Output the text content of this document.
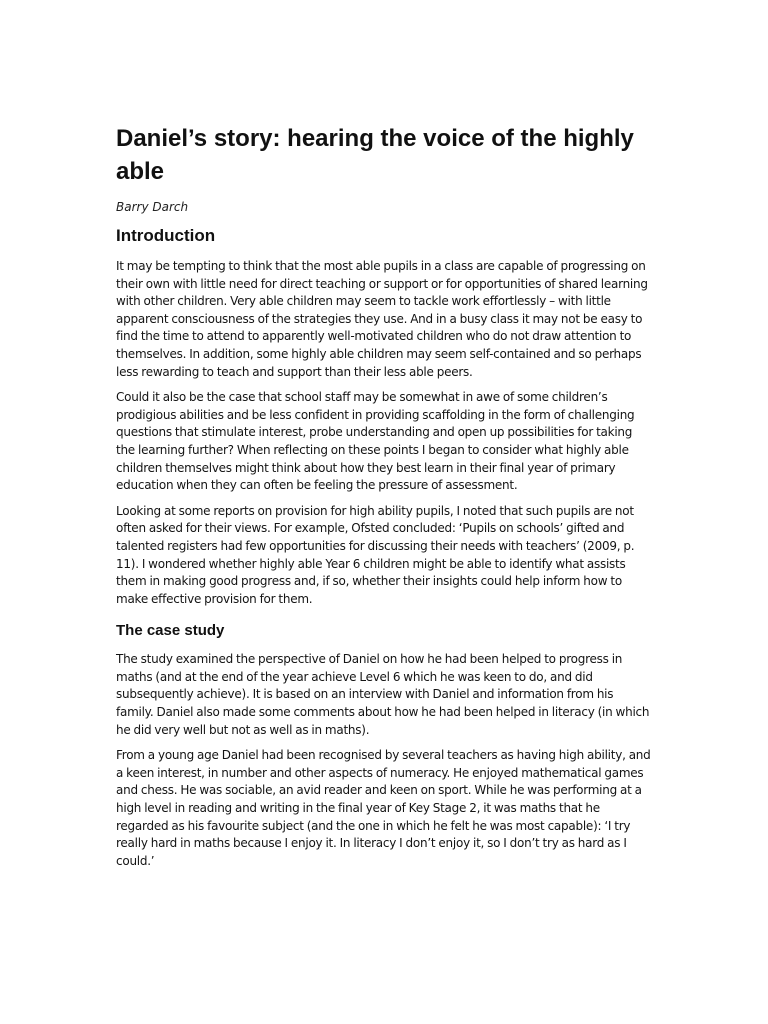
Daniel’s story: hearing the voice of the highly able

Barry Darch

Introduction

It may be tempting to think that the most able pupils in a class are capable of progressing on their own with little need for direct teaching or support or for opportunities of shared learning with other children. Very able children may seem to tackle work effortlessly – with little apparent consciousness of the strategies they use. And in a busy class it may not be easy to find the time to attend to apparently well-motivated children who do not draw attention to themselves. In addition, some highly able children may seem self-contained and so perhaps less rewarding to teach and support than their less able peers.

Could it also be the case that school staff may be somewhat in awe of some children’s prodigious abilities and be less confident in providing scaffolding in the form of challenging questions that stimulate interest, probe understanding and open up possibilities for taking the learning further? When reflecting on these points I began to consider what highly able children themselves might think about how they best learn in their final year of primary education when they can often be feeling the pressure of assessment.

Looking at some reports on provision for high ability pupils, I noted that such pupils are not often asked for their views. For example, Ofsted concluded: ‘Pupils on schools’ gifted and talented registers had few opportunities for discussing their needs with teachers’ (2009, p. 11). I wondered whether highly able Year 6 children might be able to identify what assists them in making good progress and, if so, whether their insights could help inform how to make effective provision for them.

The case study

The study examined the perspective of Daniel on how he had been helped to progress in maths (and at the end of the year achieve Level 6 which he was keen to do, and did subsequently achieve). It is based on an interview with Daniel and information from his family. Daniel also made some comments about how he had been helped in literacy (in which he did very well but not as well as in maths).

From a young age Daniel had been recognised by several teachers as having high ability, and a keen interest, in number and other aspects of numeracy. He enjoyed mathematical games and chess. He was sociable, an avid reader and keen on sport. While he was performing at a high level in reading and writing in the final year of Key Stage 2, it was maths that he regarded as his favourite subject (and the one in which he felt he was most capable): ‘I try really hard in maths because I enjoy it. In literacy I don’t enjoy it, so I don’t try as hard as I could.’
